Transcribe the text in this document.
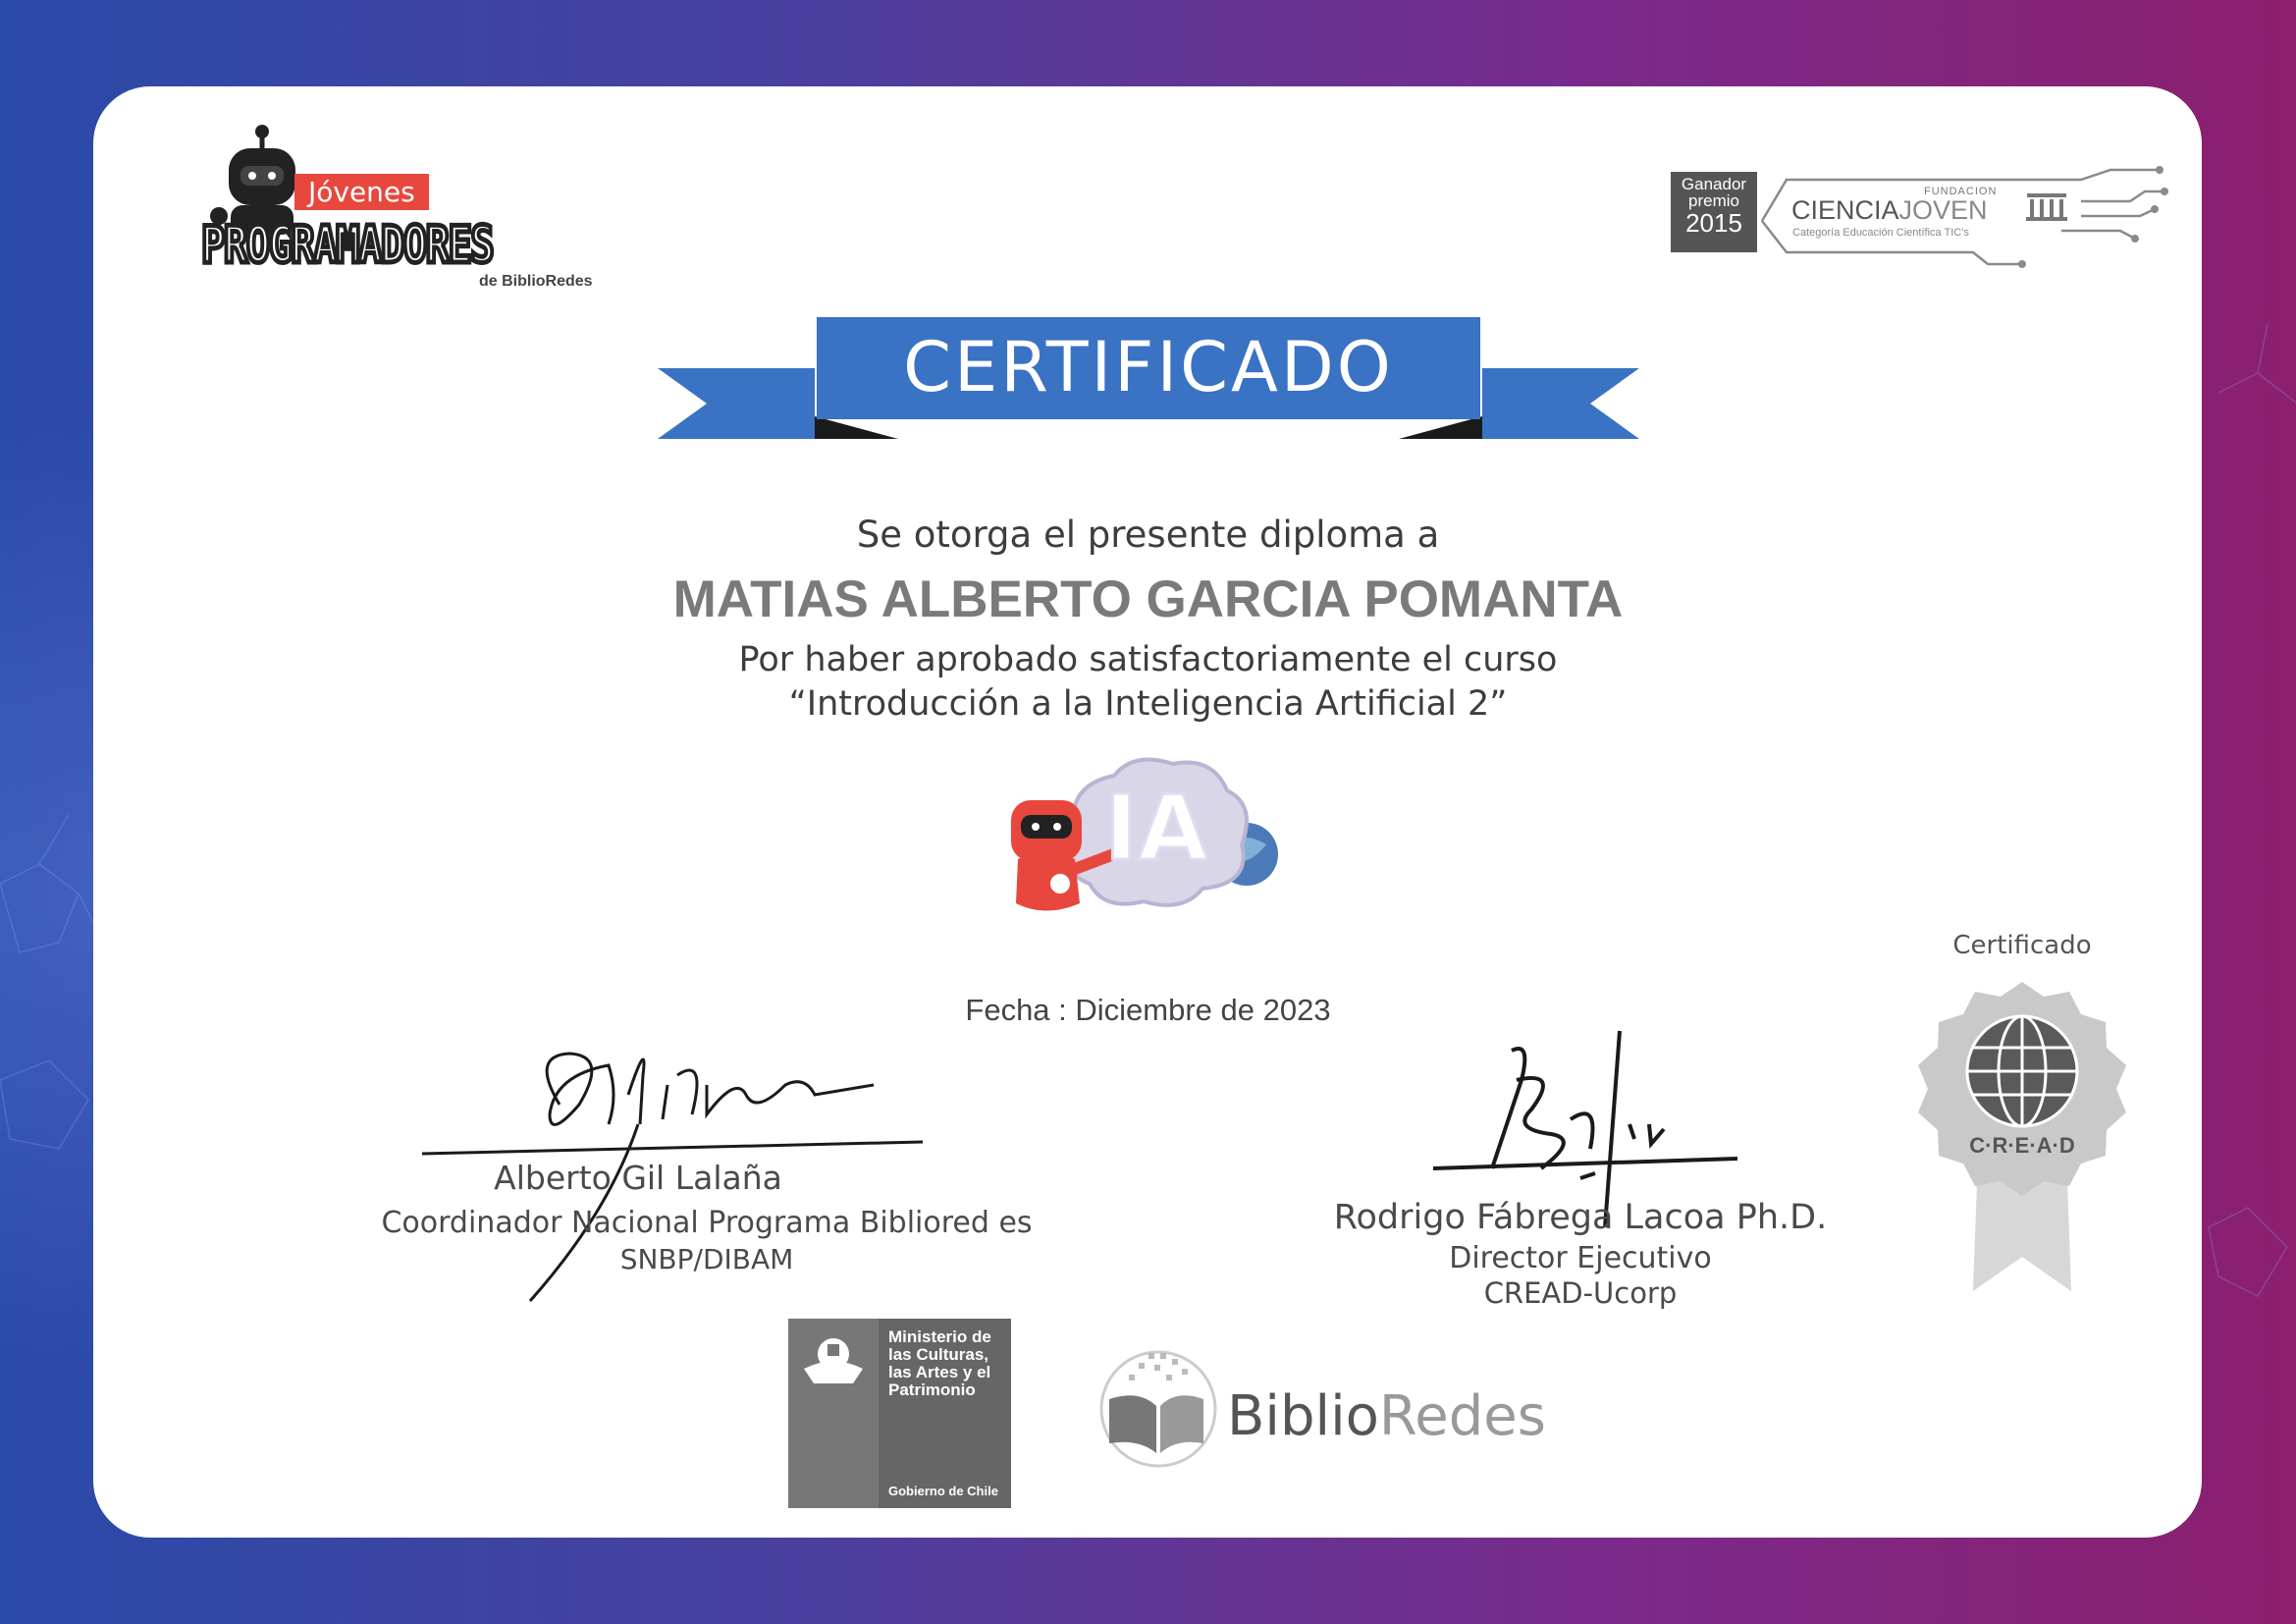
Jóvenes
PROGRAMADORES
de BiblioRedes
Ganador
premio
2015
FUNDACION
CIENCIAJOVEN
Categoría Educación Científica TIC's
CERTIFICADO
Se otorga el presente diploma a
MATIAS ALBERTO GARCIA POMANTA
Por haber aprobado satisfactoriamente el curso
“Introducción a la Inteligencia Artificial 2”
IA
Fecha : Diciembre de 2023
Alberto Gil Lalaña
Coordinador Nacional Programa Bibliored es
SNBP/DIBAM
Rodrigo Fábrega Lacoa Ph.D.
Director Ejecutivo
CREAD-Ucorp
Certificado
C·R·E·A·D
Ministerio de
las Culturas,
las Artes y el
Patrimonio
Gobierno de Chile
BiblioRedes
